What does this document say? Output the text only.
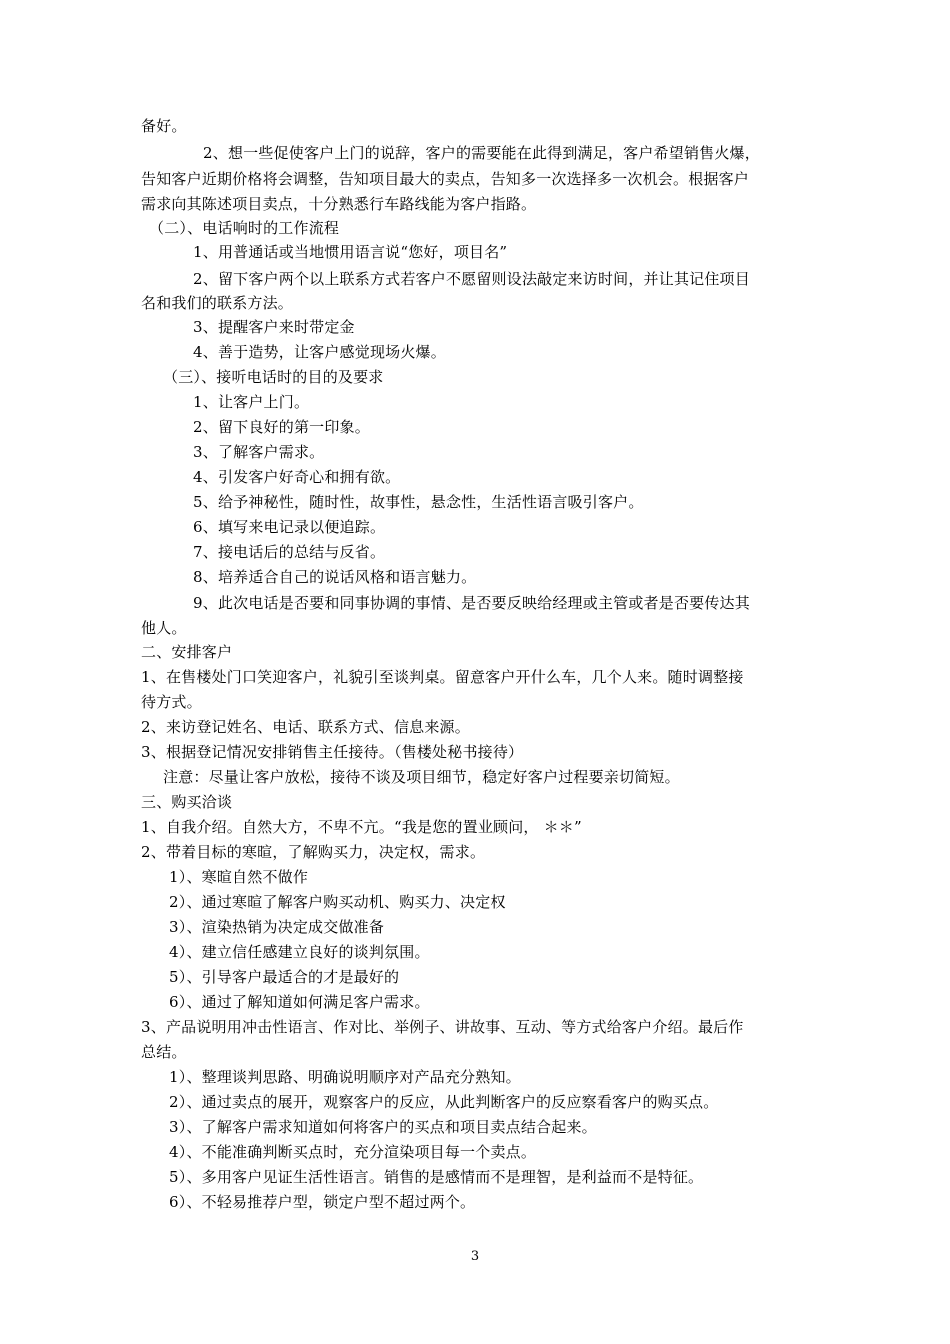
备好。
2、想一些促使客户上门的说辞，客户的需要能在此得到满足，客户希望销售火爆，
告知客户近期价格将会调整，告知项目最大的卖点，告知多一次选择多一次机会。根据客户
需求向其陈述项目卖点，十分熟悉行车路线能为客户指路。
（二）、电话响时的工作流程
1、用普通话或当地惯用语言说“您好，项目名”
2、留下客户两个以上联系方式若客户不愿留则设法敲定来访时间，并让其记住项目
名和我们的联系方法。
3、提醒客户来时带定金
4、善于造势，让客户感觉现场火爆。
（三）、接听电话时的目的及要求
1、让客户上门。
2、留下良好的第一印象。
3、了解客户需求。
4、引发客户好奇心和拥有欲。
5、给予神秘性，随时性，故事性，悬念性，生活性语言吸引客户。
6、填写来电记录以便追踪。
7、接电话后的总结与反省。
8、培养适合自己的说话风格和语言魅力。
9、此次电话是否要和同事协调的事情、是否要反映给经理或主管或者是否要传达其
他人。
二、安排客户
1、在售楼处门口笑迎客户，礼貌引至谈判桌。留意客户开什么车，几个人来。随时调整接
待方式。
2、来访登记姓名、电话、联系方式、信息来源。
3、根据登记情况安排销售主任接待。（售楼处秘书接待）
注意：尽量让客户放松，接待不谈及项目细节，稳定好客户过程要亲切简短。
三、购买洽谈
1、自我介绍。自然大方，不卑不亢。“我是您的置业顾问， ＊＊”
2、带着目标的寒暄，了解购买力，决定权，需求。
1）、寒暄自然不做作
2）、通过寒暄了解客户购买动机、购买力、决定权
3）、渲染热销为决定成交做准备
4）、建立信任感建立良好的谈判氛围。
5）、引导客户最适合的才是最好的
6）、通过了解知道如何满足客户需求。
3、产品说明用冲击性语言、作对比、举例子、讲故事、互动、等方式给客户介绍。最后作
总结。
1）、整理谈判思路、明确说明顺序对产品充分熟知。
2）、通过卖点的展开，观察客户的反应，从此判断客户的反应察看客户的购买点。
3）、了解客户需求知道如何将客户的买点和项目卖点结合起来。
4）、不能准确判断买点时，充分渲染项目每一个卖点。
5）、多用客户见证生活性语言。销售的是感情而不是理智，是利益而不是特征。
6）、不轻易推荐户型，锁定户型不超过两个。
3
